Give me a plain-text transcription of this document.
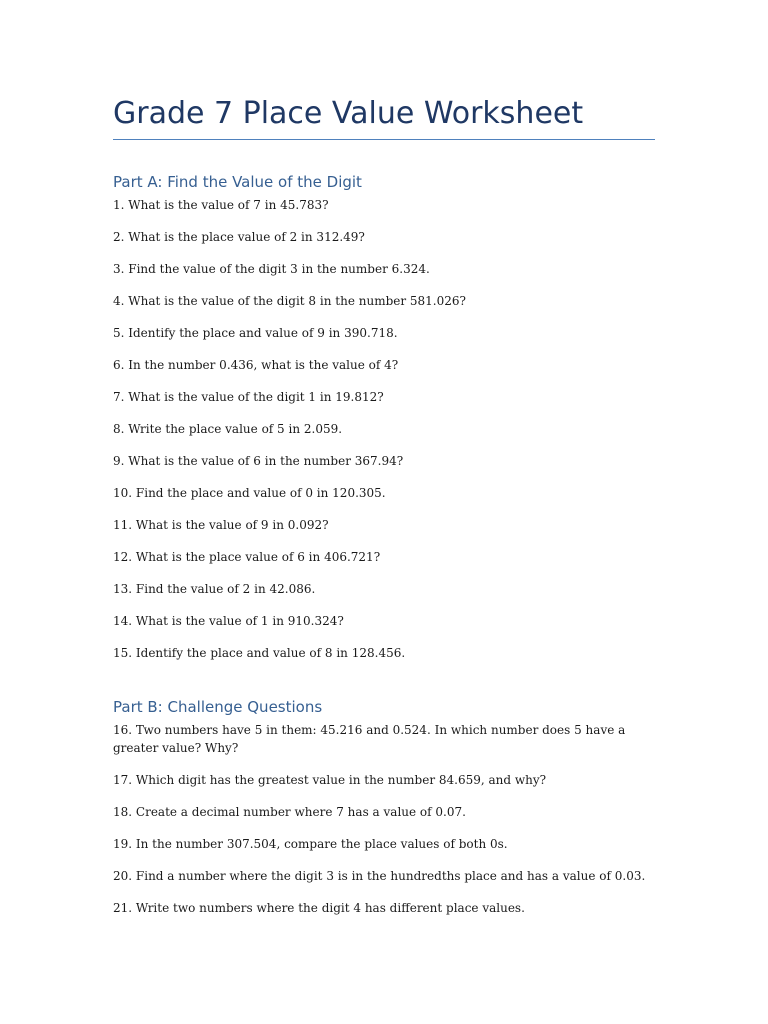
Grade 7 Place Value Worksheet
Part A: Find the Value of the Digit
1. What is the value of 7 in 45.783?
2. What is the place value of 2 in 312.49?
3. Find the value of the digit 3 in the number 6.324.
4. What is the value of the digit 8 in the number 581.026?
5. Identify the place and value of 9 in 390.718.
6. In the number 0.436, what is the value of 4?
7. What is the value of the digit 1 in 19.812?
8. Write the place value of 5 in 2.059.
9. What is the value of 6 in the number 367.94?
10. Find the place and value of 0 in 120.305.
11. What is the value of 9 in 0.092?
12. What is the place value of 6 in 406.721?
13. Find the value of 2 in 42.086.
14. What is the value of 1 in 910.324?
15. Identify the place and value of 8 in 128.456.
Part B: Challenge Questions
16. Two numbers have 5 in them: 45.216 and 0.524. In which number does 5 have a greater value? Why?
17. Which digit has the greatest value in the number 84.659, and why?
18. Create a decimal number where 7 has a value of 0.07.
19. In the number 307.504, compare the place values of both 0s.
20. Find a number where the digit 3 is in the hundredths place and has a value of 0.03.
21. Write two numbers where the digit 4 has different place values.
